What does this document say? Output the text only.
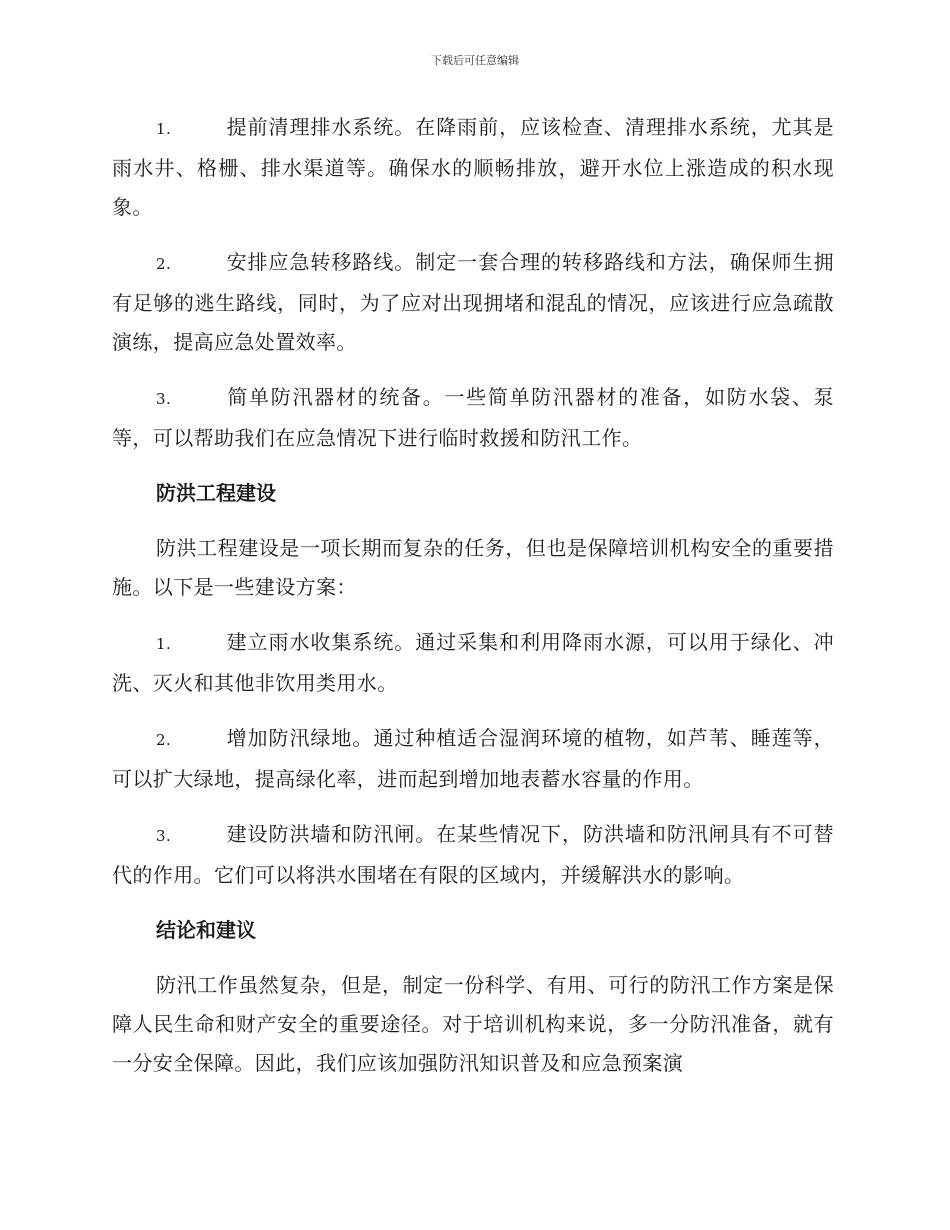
下载后可任意编辑

1.	提前清理排水系统。在降雨前，应该检查、清理排水系统，尤其是雨水井、格栅、排水渠道等。确保水的顺畅排放，避开水位上涨造成的积水现象。

2.	安排应急转移路线。制定一套合理的转移路线和方法，确保师生拥有足够的逃生路线，同时，为了应对出现拥堵和混乱的情况，应该进行应急疏散演练，提高应急处置效率。

3.	简单防汛器材的统备。一些简单防汛器材的准备，如防水袋、泵等，可以帮助我们在应急情况下进行临时救援和防汛工作。

防洪工程建设

防洪工程建设是一项长期而复杂的任务，但也是保障培训机构安全的重要措施。以下是一些建设方案：

1.	建立雨水收集系统。通过采集和利用降雨水源，可以用于绿化、冲洗、灭火和其他非饮用类用水。

2.	增加防汛绿地。通过种植适合湿润环境的植物，如芦苇、睡莲等，可以扩大绿地，提高绿化率，进而起到增加地表蓄水容量的作用。

3.	建设防洪墙和防汛闸。在某些情况下，防洪墙和防汛闸具有不可替代的作用。它们可以将洪水围堵在有限的区域内，并缓解洪水的影响。

结论和建议

防汛工作虽然复杂，但是，制定一份科学、有用、可行的防汛工作方案是保障人民生命和财产安全的重要途径。对于培训机构来说，多一分防汛准备，就有一分安全保障。因此，我们应该加强防汛知识普及和应急预案演
